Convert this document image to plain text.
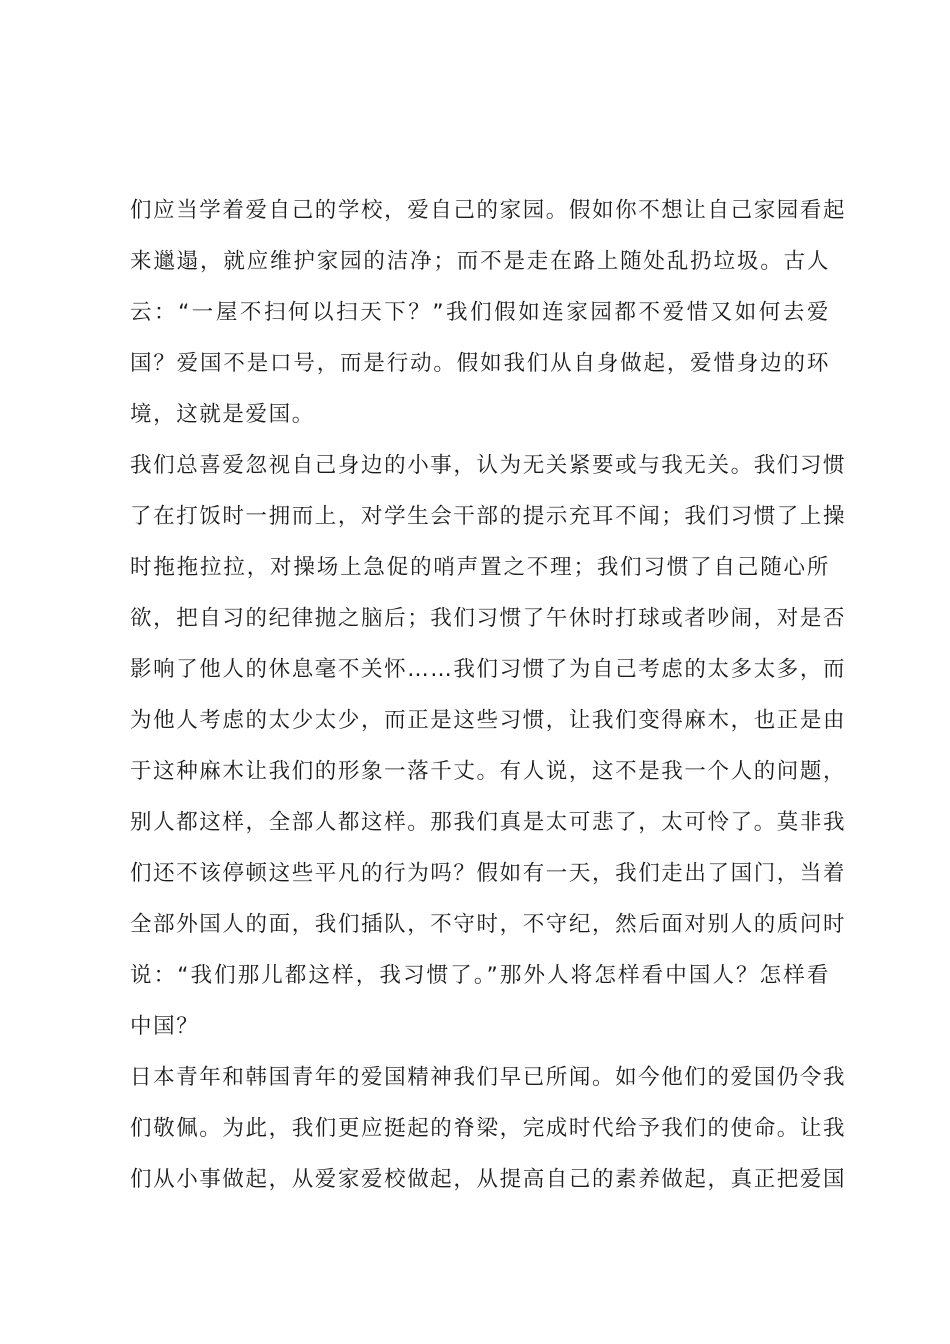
们应当学着爱自己的学校，爱自己的家园。假如你不想让自己家园看起
来邋遢，就应维护家园的洁净；而不是走在路上随处乱扔垃圾。古人
云：“一屋不扫何以扫天下？”我们假如连家园都不爱惜又如何去爱
国？爱国不是口号，而是行动。假如我们从自身做起，爱惜身边的环
境，这就是爱国。
我们总喜爱忽视自己身边的小事，认为无关紧要或与我无关。我们习惯
了在打饭时一拥而上，对学生会干部的提示充耳不闻；我们习惯了上操
时拖拖拉拉，对操场上急促的哨声置之不理；我们习惯了自己随心所
欲，把自习的纪律抛之脑后；我们习惯了午休时打球或者吵闹，对是否
影响了他人的休息毫不关怀……我们习惯了为自己考虑的太多太多，而
为他人考虑的太少太少，而正是这些习惯，让我们变得麻木，也正是由
于这种麻木让我们的形象一落千丈。有人说，这不是我一个人的问题，
别人都这样，全部人都这样。那我们真是太可悲了，太可怜了。莫非我
们还不该停顿这些平凡的行为吗？假如有一天，我们走出了国门，当着
全部外国人的面，我们插队，不守时，不守纪，然后面对别人的质问时
说：“我们那儿都这样，我习惯了。”那外人将怎样看中国人？怎样看
中国？
日本青年和韩国青年的爱国精神我们早已所闻。如今他们的爱国仍令我
们敬佩。为此，我们更应挺起的脊梁，完成时代给予我们的使命。让我
们从小事做起，从爱家爱校做起，从提高自己的素养做起，真正把爱国
